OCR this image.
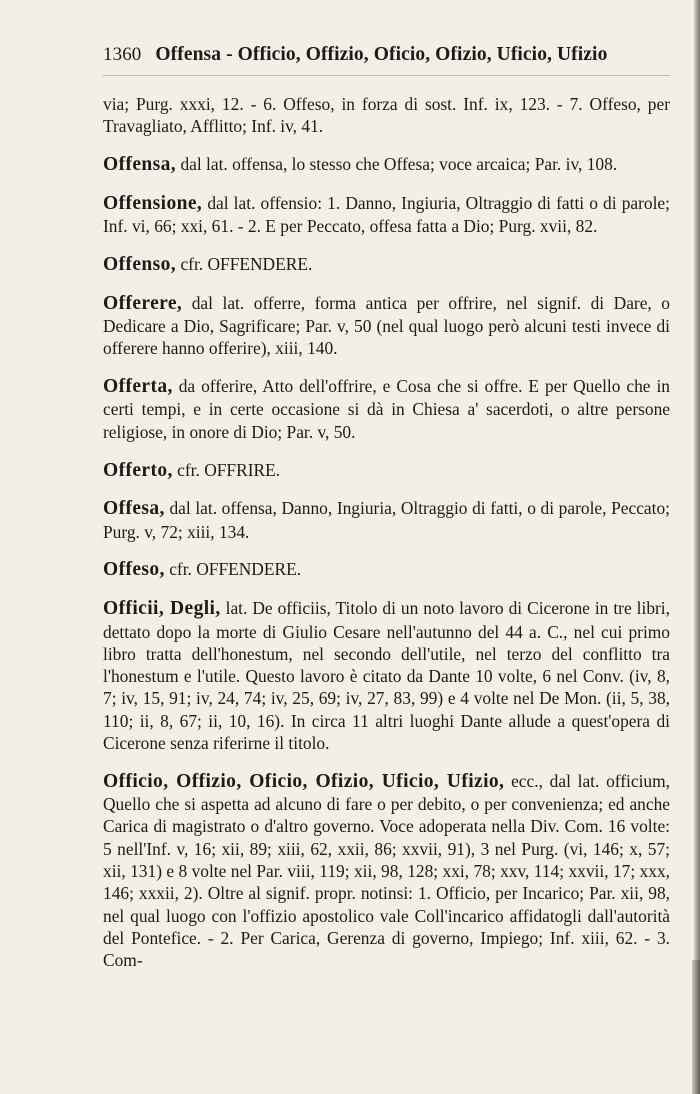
1360 Offensa - Officio, Offizio, Oficio, Ofizio, Uficio, Ufizio

via; Purg. xxxi, 12. - 6. Offeso, in forza di sost. Inf. ix, 123. - 7. Offeso, per Travagliato, Afflitto; Inf. iv, 41.

Offensa, dal lat. offensa, lo stesso che Offesa; voce arcaica; Par. iv, 108.

Offensione, dal lat. offensio: 1. Danno, Ingiuria, Oltraggio di fatti o di parole; Inf. vi, 66; xxi, 61. - 2. E per Peccato, offesa fatta a Dio; Purg. xvii, 82.

Offenso, cfr. OFFENDERE.

Offerere, dal lat. offerre, forma antica per offrire, nel signif. di Dare, o Dedicare a Dio, Sagrificare; Par. v, 50 (nel qual luogo però alcuni testi invece di offerere hanno offerire), xiii, 140.

Offerta, da offerire, Atto dell'offrire, e Cosa che si offre. E per Quello che in certi tempi, e in certe occasione si dà in Chiesa a' sacerdoti, o altre persone religiose, in onore di Dio; Par. v, 50.

Offerto, cfr. OFFRIRE.

Offesa, dal lat. offensa, Danno, Ingiuria, Oltraggio di fatti, o di parole, Peccato; Purg. v, 72; xiii, 134.

Offeso, cfr. OFFENDERE.

Officii, Degli, lat. De officiis, Titolo di un noto lavoro di Cicerone in tre libri, dettato dopo la morte di Giulio Cesare nell'autunno del 44 a. C., nel cui primo libro tratta dell'honestum, nel secondo dell'utile, nel terzo del conflitto tra l'honestum e l'utile. Questo lavoro è citato da Dante 10 volte, 6 nel Conv. (iv, 8, 7; iv, 15, 91; iv, 24, 74; iv, 25, 69; iv, 27, 83, 99) e 4 volte nel De Mon. (ii, 5, 38, 110; ii, 8, 67; ii, 10, 16). In circa 11 altri luoghi Dante allude a quest'opera di Cicerone senza riferirne il titolo.

Officio, Offizio, Oficio, Ofizio, Uficio, Ufizio, ecc., dal lat. officium, Quello che si aspetta ad alcuno di fare o per debito, o per convenienza; ed anche Carica di magistrato o d'altro governo. Voce adoperata nella Div. Com. 16 volte: 5 nell'Inf. v, 16; xii, 89; xiii, 62, xxii, 86; xxvii, 91), 3 nel Purg. (vi, 146; x, 57; xii, 131) e 8 volte nel Par. viii, 119; xii, 98, 128; xxi, 78; xxv, 114; xxvii, 17; xxx, 146; xxxii, 2). Oltre al signif. propr. notinsi: 1. Officio, per Incarico; Par. xii, 98, nel qual luogo con l'offizio apostolico vale Coll'incarico affidatogli dall'autorità del Pontefice. - 2. Per Carica, Gerenza di governo, Impiego; Inf. xiii, 62. - 3. Com-
